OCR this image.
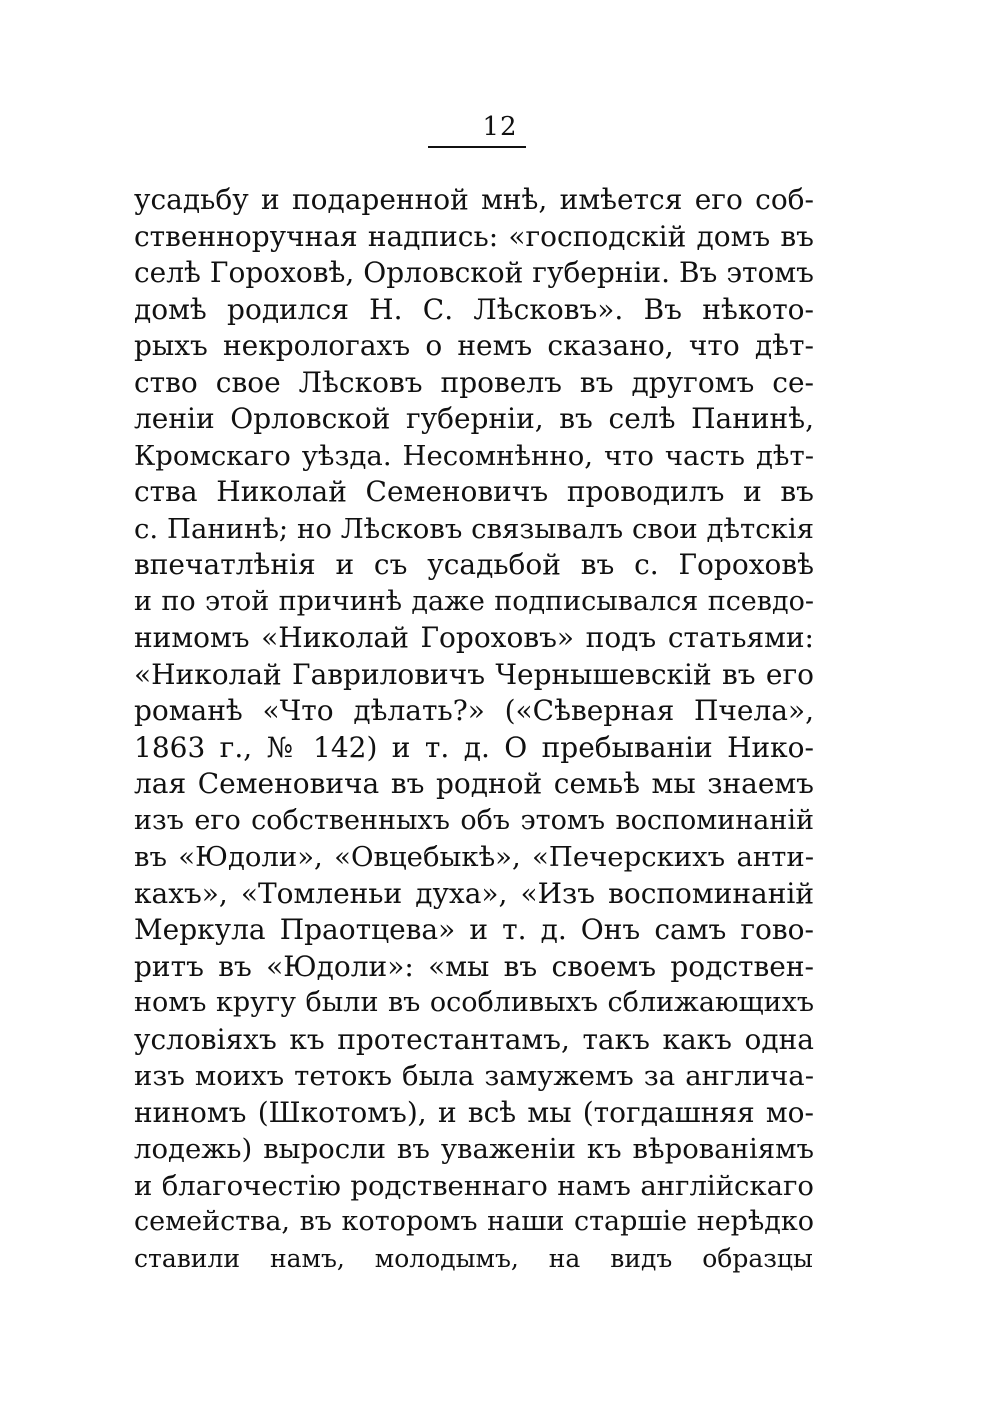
12
усадьбу и подаренной мнѣ, имѣется его соб-
ственноручная надпись: «господскій домъ въ
селѣ Гороховѣ, Орловской губерніи. Въ этомъ
домѣ родился Н. С. Лѣсковъ». Въ нѣкото-
рыхъ некрологахъ о немъ сказано, что дѣт-
ство свое Лѣсковъ провелъ въ другомъ се-
леніи Орловской губерніи, въ селѣ Панинѣ,
Кромскаго уѣзда. Несомнѣнно, что часть дѣт-
ства Николай Семеновичъ проводилъ и въ
с. Панинѣ; но Лѣсковъ связывалъ свои дѣтскія
впечатлѣнія и съ усадьбой въ с. Гороховѣ
и по этой причинѣ даже подписывался псевдо-
нимомъ «Николай Гороховъ» подъ статьями:
«Николай Гавриловичъ Чернышевскій въ его
романѣ «Что дѣлать?» («Сѣверная Пчела»,
1863 г., № 142) и т. д. О пребываніи Нико-
лая Семеновича въ родной семьѣ мы знаемъ
изъ его собственныхъ объ этомъ воспоминаній
въ «Юдоли», «Овцебыкѣ», «Печерскихъ анти-
кахъ», «Томленьи духа», «Изъ воспоминаній
Меркула Праотцева» и т. д. Онъ самъ гово-
ритъ въ «Юдоли»: «мы въ своемъ родствен-
номъ кругу были въ особливыхъ сближающихъ
условіяхъ къ протестантамъ, такъ какъ одна
изъ моихъ тетокъ была замужемъ за англича-
ниномъ (Шкотомъ), и всѣ мы (тогдашняя мо-
лодежь) выросли въ уваженіи къ вѣрованіямъ
и благочестію родственнаго намъ англійскаго
семейства, въ которомъ наши старшіе нерѣдко
ставили намъ, молодымъ, на видъ образцы
